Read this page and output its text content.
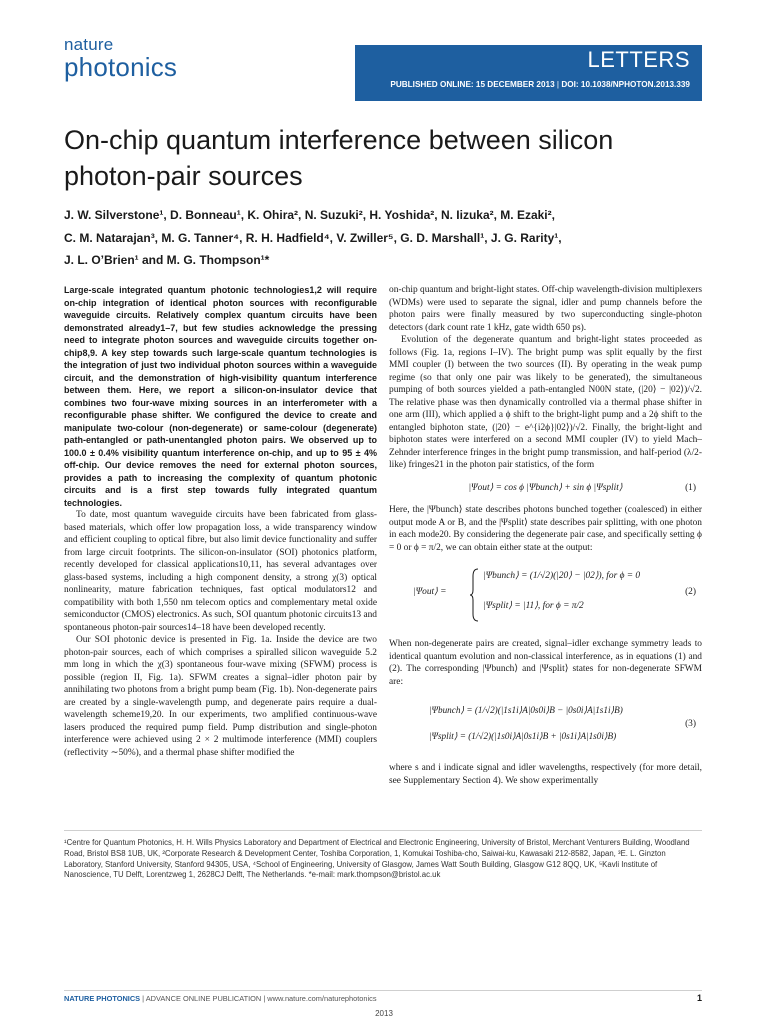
nature
photonics	LETTERS
PUBLISHED ONLINE: 15 DECEMBER 2013 | DOI: 10.1038/NPHOTON.2013.339
On-chip quantum interference between silicon
photon-pair sources
J. W. Silverstone¹, D. Bonneau¹, K. Ohira², N. Suzuki², H. Yoshida², N. Iizuka², M. Ezaki²,
C. M. Natarajan³, M. G. Tanner⁴, R. H. Hadfield⁴, V. Zwiller⁵, G. D. Marshall¹, J. G. Rarity¹,
J. L. O’Brien¹ and M. G. Thompson¹*

Large-scale integrated quantum photonic technologies1,2 will require on-chip integration of identical photon sources with reconfigurable waveguide circuits. Relatively complex quantum circuits have been demonstrated already1–7, but few studies acknowledge the pressing need to integrate photon sources and waveguide circuits together on-chip8,9. A key step towards such large-scale quantum technologies is the integration of just two individual photon sources within a waveguide circuit, and the demonstration of high-visibility quantum interference between them. Here, we report a silicon-on-insulator device that combines two four-wave mixing sources in an interferometer with a reconfigurable phase shifter. We configured the device to create and manipulate two-colour (non-degenerate) or same-colour (degenerate) path-entangled or path-unentangled photon pairs. We observed up to 100.0 ± 0.4% visibility quantum interference on-chip, and up to 95 ± 4% off-chip. Our device removes the need for external photon sources, provides a path to increasing the complexity of quantum photonic circuits and is a first step towards fully integrated quantum technologies.

To date, most quantum waveguide circuits have been fabricated from glass-based materials, which offer low propagation loss, a wide transparency window and efficient coupling to optical fibre, but also limit device functionality and suffer from large circuit footprints. The silicon-on-insulator (SOI) photonics platform, recently developed for classical applications10,11, has several advantages over glass-based systems, including a high component density, a strong χ(3) optical nonlinearity, mature fabrication techniques, fast optical modulators12 and compatibility with both 1,550 nm telecom optics and complementary metal oxide semiconductor (CMOS) electronics. As such, SOI quantum photonic circuits13 and spontaneous photon-pair sources14–18 have been developed recently.

Our SOI photonic device is presented in Fig. 1a. Inside the device are two photon-pair sources, each of which comprises a spiralled silicon waveguide 5.2 mm long in which the χ(3) spontaneous four-wave mixing (SFWM) process is possible (region II, Fig. 1a). SFWM creates a signal–idler photon pair by annihilating two photons from a bright pump beam (Fig. 1b). Non-degenerate pairs are created by a single-wavelength pump, and degenerate pairs require a dual-wavelength scheme19,20. In our experiments, two amplified continuous-wave lasers produced the required pump field. Pump distribution and single-photon interference were achieved using 2 × 2 multimode interference (MMI) couplers (reflectivity ∼50%), and a thermal phase shifter modified the

on-chip quantum and bright-light states. Off-chip wavelength-division multiplexers (WDMs) were used to separate the signal, idler and pump channels before the photon pairs were finally measured by two superconducting single-photon detectors (dark count rate 1 kHz, gate width 650 ps).

Evolution of the degenerate quantum and bright-light states proceeded as follows (Fig. 1a, regions I–IV). The bright pump was split equally by the first MMI coupler (I) between the two sources (II). By operating in the weak pump regime (so that only one pair was likely to be generated), the simultaneous pumping of both sources yielded a path-entangled N00N state, (|20⟩ − |02⟩)/√2. The relative phase was then dynamically controlled via a thermal phase shifter in one arm (III), which applied a ϕ shift to the bright-light pump and a 2ϕ shift to the entangled biphoton state, (|20⟩ − e^{i2ϕ}|02⟩)/√2. Finally, the bright-light and biphoton states were interfered on a second MMI coupler (IV) to yield Mach–Zehnder interference fringes in the bright pump transmission, and half-period (λ/2-like) fringes21 in the photon pair statistics, of the form

|Ψout⟩ = cos ϕ |Ψbunch⟩ + sin ϕ |Ψsplit⟩	(1)

Here, the |Ψbunch⟩ state describes photons bunched together (coalesced) in either output mode A or B, and the |Ψsplit⟩ state describes pair splitting, with one photon in each mode20. By considering the degenerate pair case, and specifically setting ϕ = 0 or ϕ = π/2, we can obtain either state at the output:

|Ψout⟩ =
|Ψbunch⟩ = (1/√2)(|20⟩ − |02⟩), for ϕ = 0
|Ψsplit⟩ = |11⟩, for ϕ = π/2
(2)

When non-degenerate pairs are created, signal–idler exchange symmetry leads to identical quantum evolution and non-classical interference, as in equations (1) and (2). The corresponding |Ψbunch⟩ and |Ψsplit⟩ states for non-degenerate SFWM are:

|Ψbunch⟩ = (1/√2)(|1s1i⟩A|0s0i⟩B − |0s0i⟩A|1s1i⟩B)
|Ψsplit⟩ = (1/√2)(|1s0i⟩A|0s1i⟩B + |0s1i⟩A|1s0i⟩B)
(3)

where s and i indicate signal and idler wavelengths, respectively (for more detail, see Supplementary Section 4). We show experimentally

¹Centre for Quantum Photonics, H. H. Wills Physics Laboratory and Department of Electrical and Electronic Engineering, University of Bristol, Merchant Venturers Building, Woodland Road, Bristol BS8 1UB, UK, ²Corporate Research & Development Center, Toshiba Corporation, 1, Komukai Toshiba-cho, Saiwai-ku, Kawasaki 212-8582, Japan, ³E. L. Ginzton Laboratory, Stanford University, Stanford 94305, USA, ⁴School of Engineering, University of Glasgow, James Watt South Building, Glasgow G12 8QQ, UK, ⁵Kavli Institute of Nanoscience, TU Delft, Lorentzweg 1, 2628CJ Delft, The Netherlands. *e-mail: mark.thompson@bristol.ac.uk
NATURE PHOTONICS | ADVANCE ONLINE PUBLICATION | www.nature.com/naturephotonics	1
2013
